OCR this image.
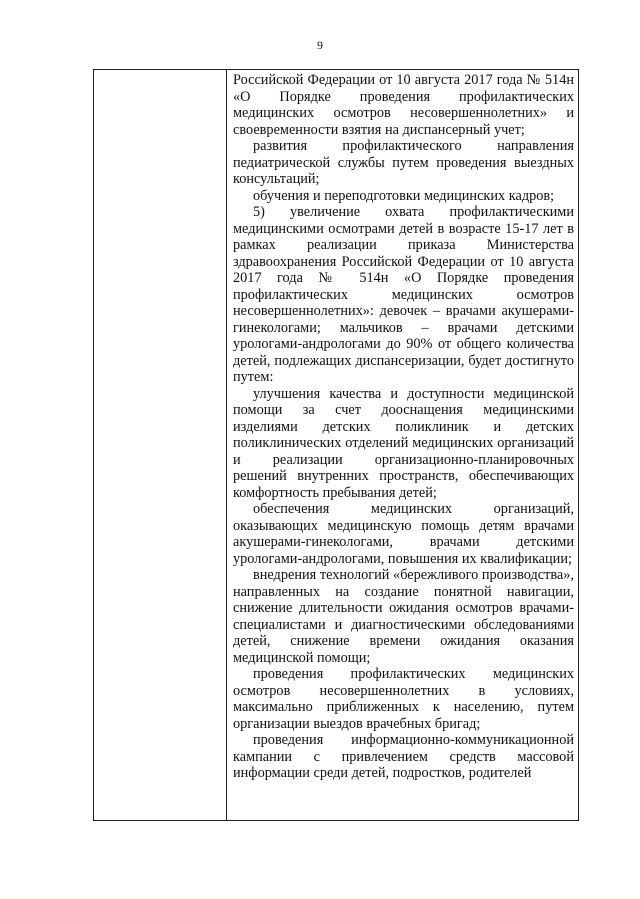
9

Российской Федерации от 10 августа 2017 года № 514н «О Порядке проведения профилактических медицинских осмотров несовершеннолетних» и своевременности взятия на диспансерный учет;

развития профилактического направления педиатрической службы путем проведения выездных консультаций;

обучения и переподготовки медицинских кадров;

5) увеличение охвата профилактическими медицинскими осмотрами детей в возрасте 15-17 лет в рамках реализации приказа Министерства здравоохранения Российской Федерации от 10 августа 2017 года № 514н «О Порядке проведения профилактических медицинских осмотров несовершеннолетних»: девочек – врачами акушерами-гинекологами; мальчиков – врачами детскими урологами-андрологами до 90% от общего количества детей, подлежащих диспансеризации, будет достигнуто путем:

улучшения качества и доступности медицинской помощи за счет дооснащения медицинскими изделиями детских поликлиник и детских поликлинических отделений медицинских организаций и реализации организационно-планировочных решений внутренних пространств, обеспечивающих комфортность пребывания детей;

обеспечения медицинских организаций, оказывающих медицинскую помощь детям врачами акушерами-гинекологами, врачами детскими урологами-андрологами, повышения их квалификации;

внедрения технологий «бережливого производства», направленных на создание понятной навигации, снижение длительности ожидания осмотров врачами-специалистами и диагностическими обследованиями детей, снижение времени ожидания оказания медицинской помощи;

проведения профилактических медицинских осмотров несовершеннолетних в условиях, максимально приближенных к населению, путем организации выездов врачебных бригад;

проведения информационно-коммуникационной кампании с привлечением средств массовой информации среди детей, подростков, родителей
